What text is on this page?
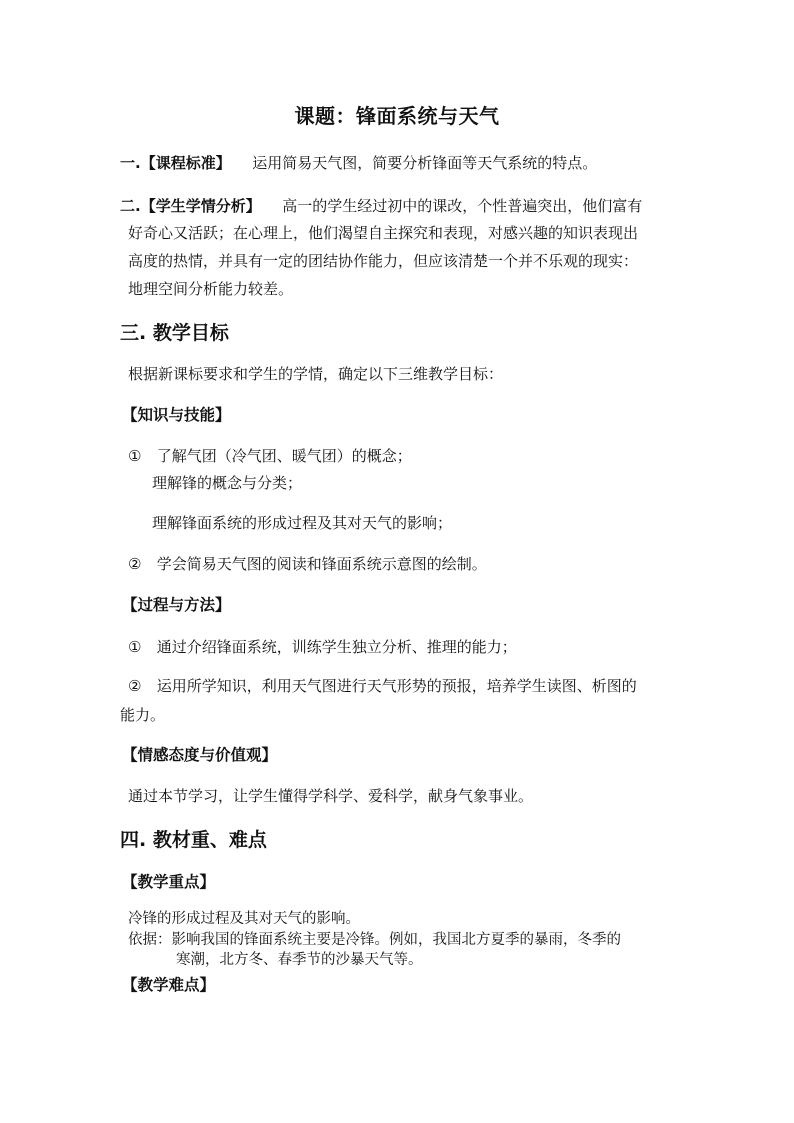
课题：锋面系统与天气
一.【课程标准】 运用简易天气图，简要分析锋面等天气系统的特点。
二.【学生学情分析】 高一的学生经过初中的课改，个性普遍突出，他们富有
好奇心又活跃；在心理上，他们渴望自主探究和表现，对感兴趣的知识表现出
高度的热情，并具有一定的团结协作能力，但应该清楚一个并不乐观的现实：
地理空间分析能力较差。
三. 教学目标
根据新课标要求和学生的学情，确定以下三维教学目标：
【知识与技能】
① 了解气团（冷气团、暖气团）的概念；
理解锋的概念与分类；
理解锋面系统的形成过程及其对天气的影响；
② 学会简易天气图的阅读和锋面系统示意图的绘制。
【过程与方法】
① 通过介绍锋面系统，训练学生独立分析、推理的能力；
② 运用所学知识，利用天气图进行天气形势的预报，培养学生读图、析图的
能力。
【情感态度与价值观】
通过本节学习，让学生懂得学科学、爱科学，献身气象事业。
四. 教材重、难点
【教学重点】
冷锋的形成过程及其对天气的影响。
依据：影响我国的锋面系统主要是冷锋。例如，我国北方夏季的暴雨，冬季的
寒潮，北方冬、春季节的沙暴天气等。
【教学难点】
